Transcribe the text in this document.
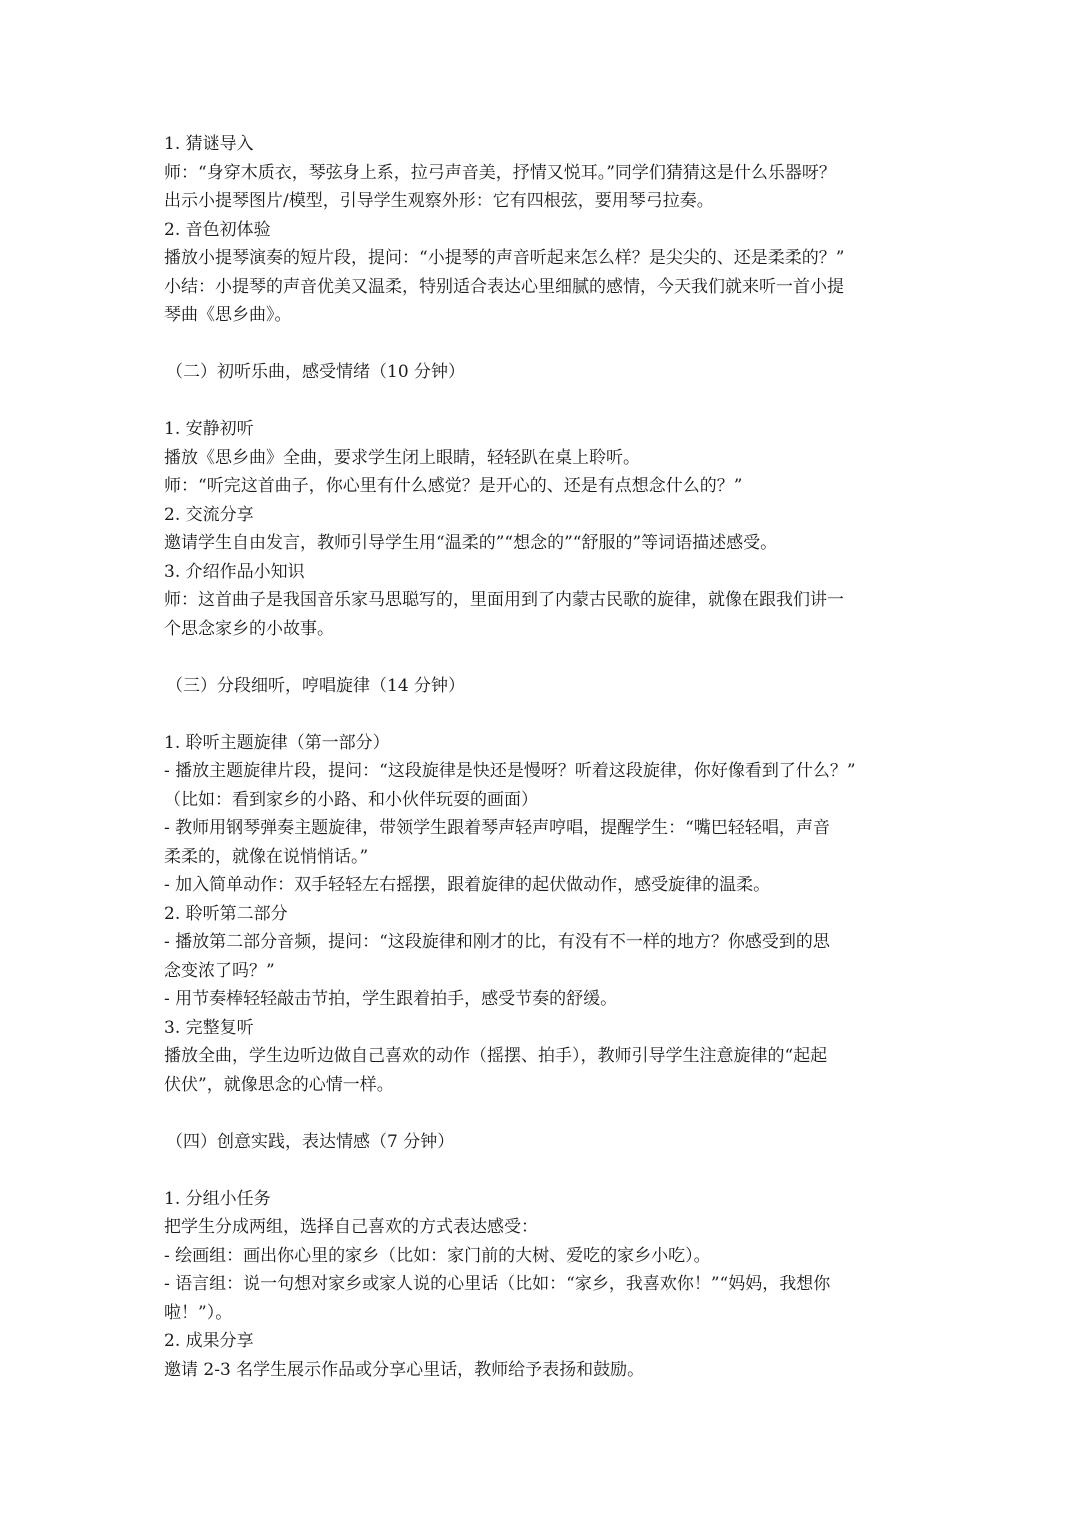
1. 猜谜导入

师：“身穿木质衣，琴弦身上系，拉弓声音美，抒情又悦耳。”同学们猜猜这是什么乐器呀？

出示小提琴图片/模型，引导学生观察外形：它有四根弦，要用琴弓拉奏。

2. 音色初体验

播放小提琴演奏的短片段，提问：“小提琴的声音听起来怎么样？是尖尖的、还是柔柔的？”

小结：小提琴的声音优美又温柔，特别适合表达心里细腻的感情，今天我们就来听一首小提

琴曲《思乡曲》。

（二）初听乐曲，感受情绪（10 分钟）

1. 安静初听

播放《思乡曲》全曲，要求学生闭上眼睛，轻轻趴在桌上聆听。

师：“听完这首曲子，你心里有什么感觉？是开心的、还是有点想念什么的？”

2. 交流分享

邀请学生自由发言，教师引导学生用“温柔的”“想念的”“舒服的”等词语描述感受。

3. 介绍作品小知识

师：这首曲子是我国音乐家马思聪写的，里面用到了内蒙古民歌的旋律，就像在跟我们讲一

个思念家乡的小故事。

（三）分段细听，哼唱旋律（14 分钟）

1. 聆听主题旋律（第一部分）

- 播放主题旋律片段，提问：“这段旋律是快还是慢呀？听着这段旋律，你好像看到了什么？”

（比如：看到家乡的小路、和小伙伴玩耍的画面）

- 教师用钢琴弹奏主题旋律，带领学生跟着琴声轻声哼唱，提醒学生：“嘴巴轻轻唱，声音

柔柔的，就像在说悄悄话。”

- 加入简单动作：双手轻轻左右摇摆，跟着旋律的起伏做动作，感受旋律的温柔。

2. 聆听第二部分

- 播放第二部分音频，提问：“这段旋律和刚才的比，有没有不一样的地方？你感受到的思

念变浓了吗？”

- 用节奏棒轻轻敲击节拍，学生跟着拍手，感受节奏的舒缓。

3. 完整复听

播放全曲，学生边听边做自己喜欢的动作（摇摆、拍手），教师引导学生注意旋律的“起起

伏伏”，就像思念的心情一样。

（四）创意实践，表达情感（7 分钟）

1. 分组小任务

把学生分成两组，选择自己喜欢的方式表达感受：

- 绘画组：画出你心里的家乡（比如：家门前的大树、爱吃的家乡小吃）。

- 语言组：说一句想对家乡或家人说的心里话（比如：“家乡，我喜欢你！”“妈妈，我想你

啦！”）。

2. 成果分享

邀请 2-3 名学生展示作品或分享心里话，教师给予表扬和鼓励。
